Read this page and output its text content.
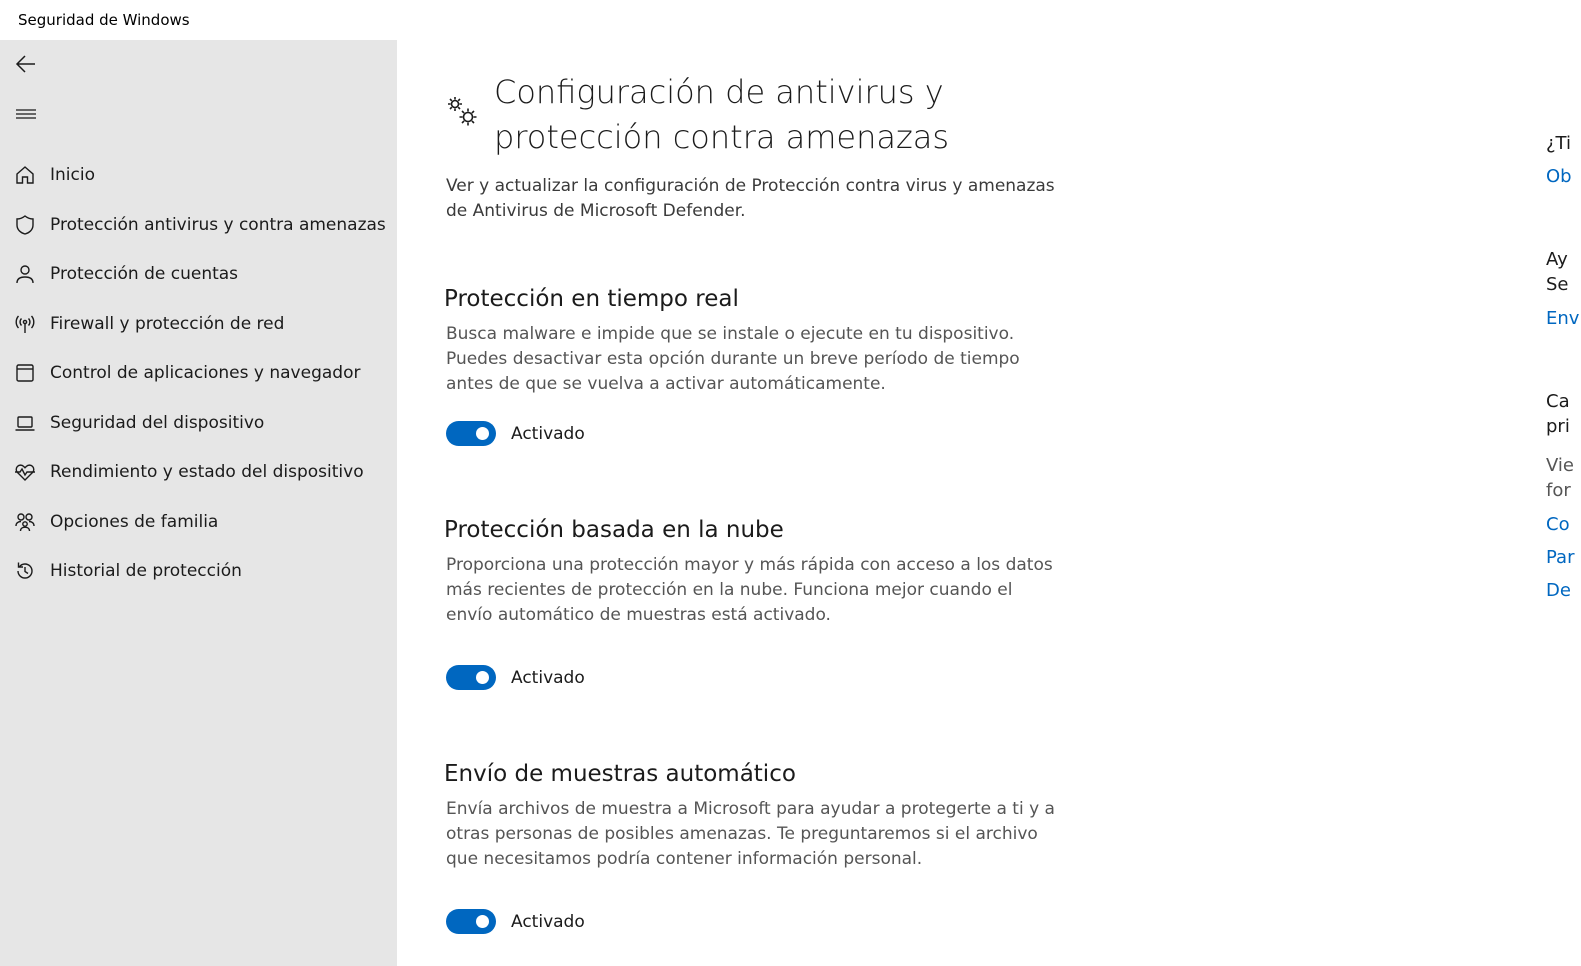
Seguridad de Windows
Inicio
Protección antivirus y contra amenazas
Protección de cuentas
Firewall y protección de red
Control de aplicaciones y navegador
Seguridad del dispositivo
Rendimiento y estado del dispositivo
Opciones de familia
Historial de protección
Configuración de antivirus y
protección contra amenazas
Ver y actualizar la configuración de Protección contra virus y amenazas de Antivirus de Microsoft Defender.
Protección en tiempo real
Busca malware e impide que se instale o ejecute en tu dispositivo. Puedes desactivar esta opción durante un breve período de tiempo antes de que se vuelva a activar automáticamente.
Activado
Protección basada en la nube
Proporciona una protección mayor y más rápida con acceso a los datos más recientes de protección en la nube. Funciona mejor cuando el envío automático de muestras está activado.
Activado
Envío de muestras automático
Envía archivos de muestra a Microsoft para ayudar a protegerte a ti y a otras personas de posibles amenazas. Te preguntaremos si el archivo que necesitamos podría contener información personal.
Activado
¿Ti
Ob
Ay
Se
Env
Ca
pri
Vie
for
Co
Par
De
